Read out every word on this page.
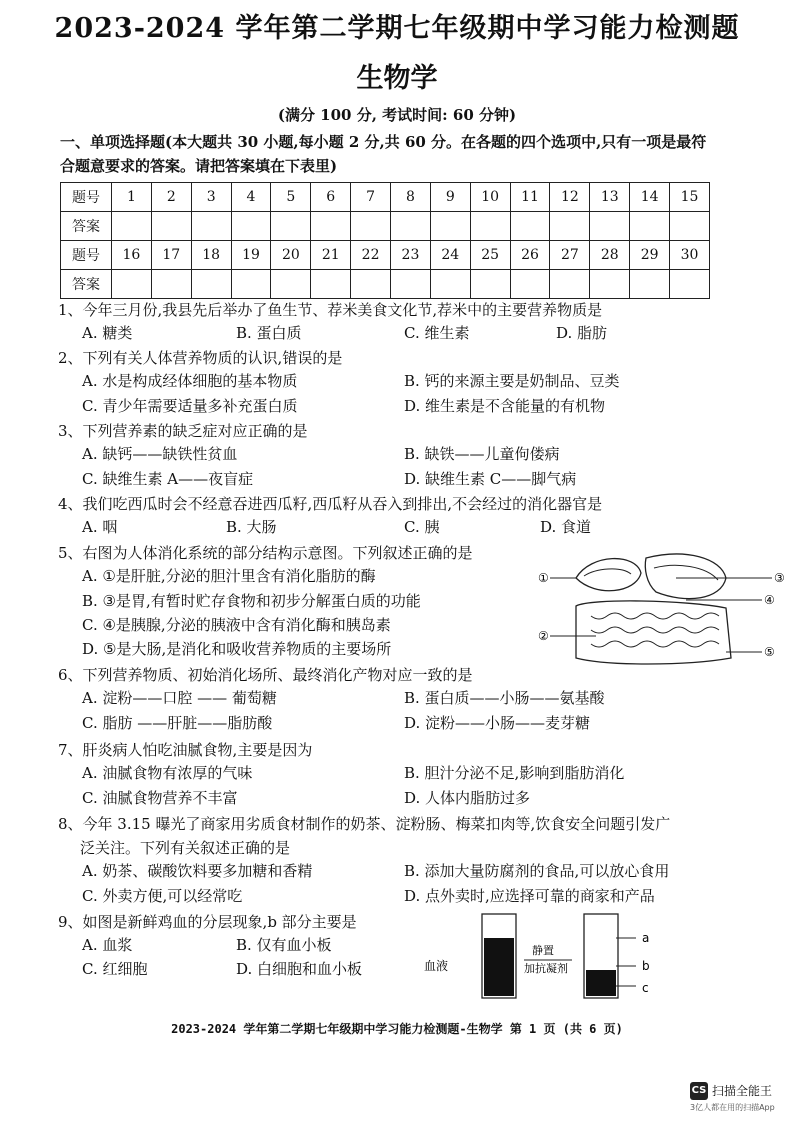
2023-2024 学年第二学期七年级期中学习能力检测题
生物学
(满分 100 分, 考试时间: 60 分钟)
一、单项选择题(本大题共 30 小题,每小题 2 分,共 60 分。在各题的四个选项中,只有一项是最符
合题意要求的答案。请把答案填在下表里)
题号	1	2	3	4	5	6	7	8	9	10	11	12	13	14	15
答案															
题号	16	17	18	19	20	21	22	23	24	25	26	27	28	29	30
答案															
1、今年三月份,我县先后举办了鱼生节、荐米美食文化节,荐米中的主要营养物质是
A. 糖类	B. 蛋白质	C. 维生素	D. 脂肪
2、下列有关人体营养物质的认识,错误的是
A. 水是构成经体细胞的基本物质	B. 钙的来源主要是奶制品、豆类
C. 青少年需要适量多补充蛋白质	D. 维生素是不含能量的有机物
3、下列营养素的缺乏症对应正确的是
A. 缺钙——缺铁性贫血	B. 缺铁——儿童佝偻病
C. 缺维生素 A——夜盲症	D. 缺维生素 C——脚气病
4、我们吃西瓜时会不经意吞进西瓜籽,西瓜籽从吞入到排出,不会经过的消化器官是
A. 咽	B. 大肠	C. 胰	D. 食道
5、右图为人体消化系统的部分结构示意图。下列叙述正确的是
A. ①是肝脏,分泌的胆汁里含有消化脂肪的酶
B. ③是胃,有暂时贮存食物和初步分解蛋白质的功能
C. ④是胰腺,分泌的胰液中含有消化酶和胰岛素
D. ⑤是大肠,是消化和吸收营养物质的主要场所
①
②
③
④
⑤
6、下列营养物质、初始消化场所、最终消化产物对应一致的是
A. 淀粉——口腔 —— 葡萄糖	B. 蛋白质——小肠——氨基酸
C. 脂肪 ——肝脏——脂肪酸	D. 淀粉——小肠——麦芽糖
7、肝炎病人怕吃油腻食物,主要是因为
A. 油腻食物有浓厚的气味	B. 胆汁分泌不足,影响到脂肪消化
C. 油腻食物营养不丰富	D. 人体内脂肪过多
8、今年 3.15 曝光了商家用劣质食材制作的奶茶、淀粉肠、梅菜扣肉等,饮食安全问题引发广
泛关注。下列有关叙述正确的是
A. 奶茶、碳酸饮料要多加糖和香精	B. 添加大量防腐剂的食品,可以放心食用
C. 外卖方便,可以经常吃	D. 点外卖时,应选择可靠的商家和产品
9、如图是新鲜鸡血的分层现象,b 部分主要是
A. 血浆	B. 仅有血小板
C. 红细胞	D. 白细胞和血小板	血液
静置
加抗凝剂
a
b
c
2023-2024 学年第二学期七年级期中学习能力检测题-生物学 第 1 页 (共 6 页)
CS 扫描全能王
3亿人都在用的扫描App
